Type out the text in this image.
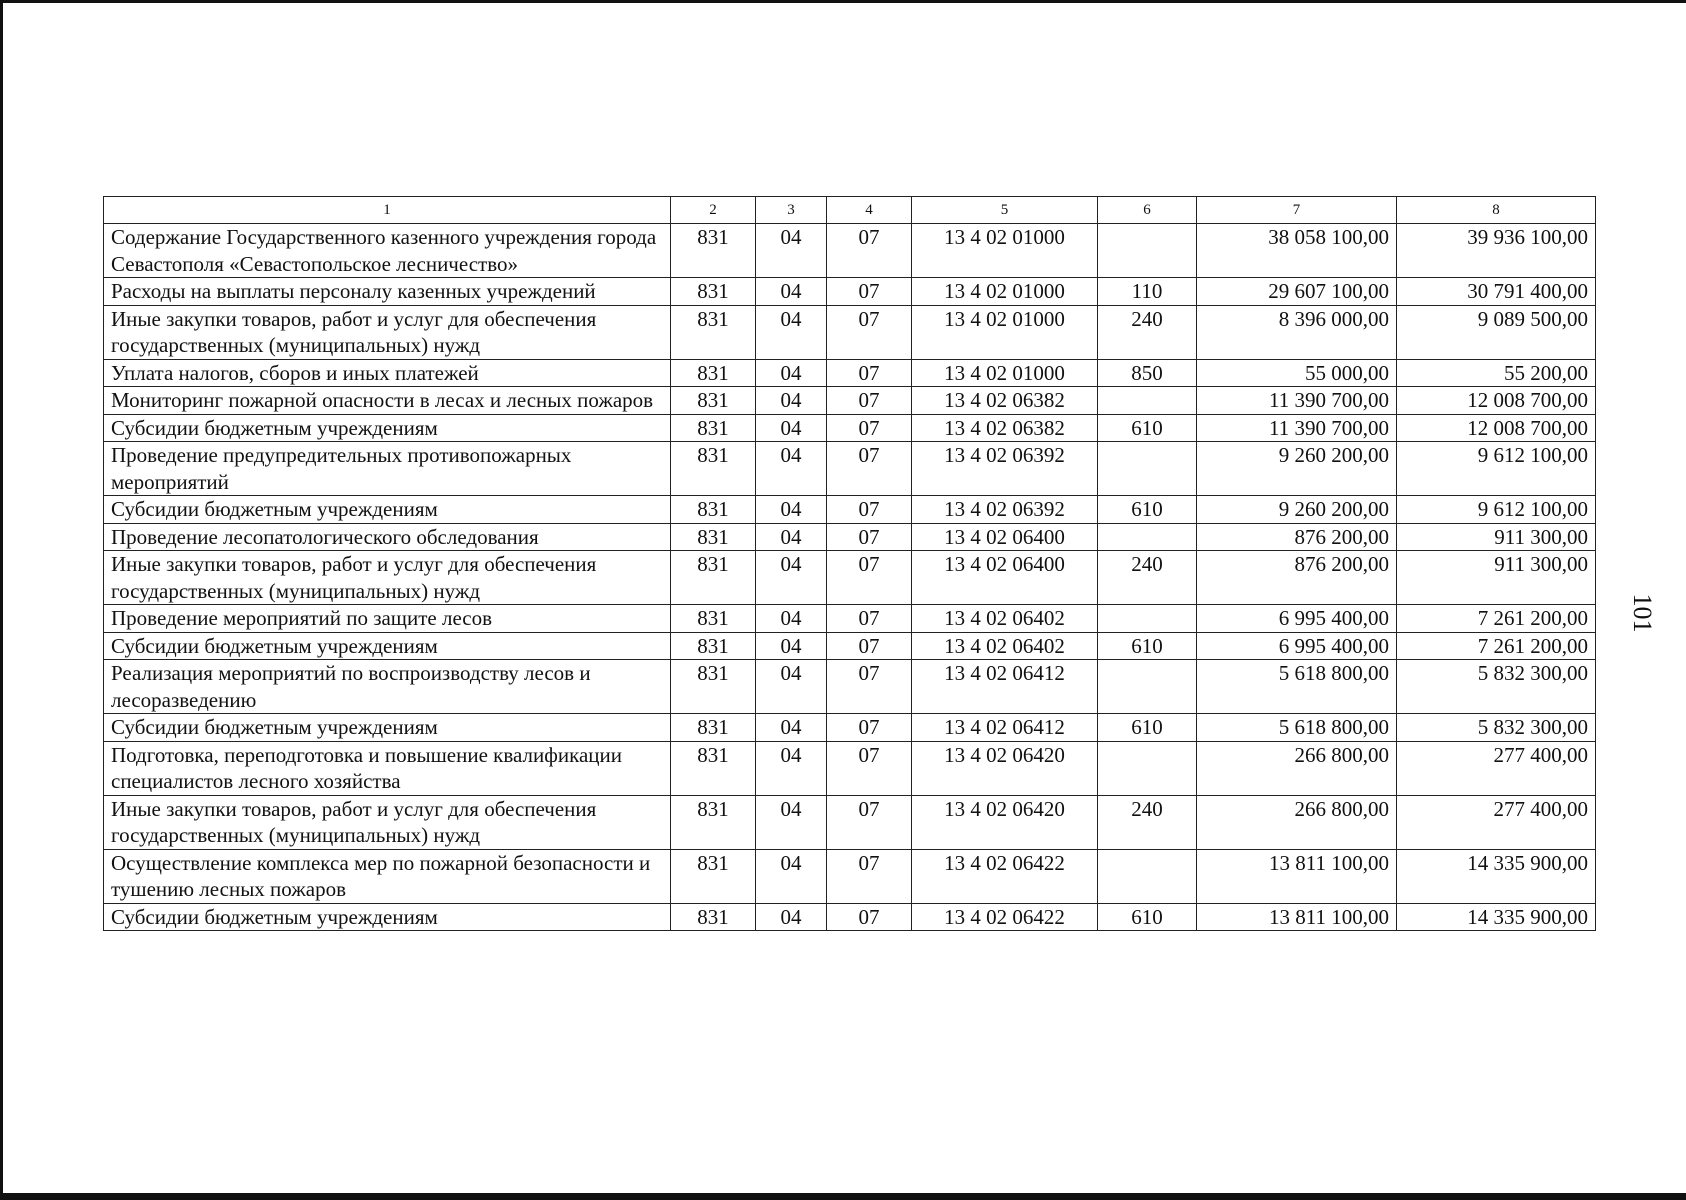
1	2	3	4	5	6	7	8
Содержание Государственного казенного учреждения города Севастополя «Севастопольское лесничество»	831	04	07	13 4 02 01000		38 058 100,00	39 936 100,00
Расходы на выплаты персоналу казенных учреждений	831	04	07	13 4 02 01000	110	29 607 100,00	30 791 400,00
Иные закупки товаров, работ и услуг для обеспечения государственных (муниципальных) нужд	831	04	07	13 4 02 01000	240	8 396 000,00	9 089 500,00
Уплата налогов, сборов и иных платежей	831	04	07	13 4 02 01000	850	55 000,00	55 200,00
Мониторинг пожарной опасности в лесах и лесных пожаров	831	04	07	13 4 02 06382		11 390 700,00	12 008 700,00
Субсидии бюджетным учреждениям	831	04	07	13 4 02 06382	610	11 390 700,00	12 008 700,00
Проведение предупредительных противопожарных мероприятий	831	04	07	13 4 02 06392		9 260 200,00	9 612 100,00
Субсидии бюджетным учреждениям	831	04	07	13 4 02 06392	610	9 260 200,00	9 612 100,00
Проведение лесопатологического обследования	831	04	07	13 4 02 06400		876 200,00	911 300,00
Иные закупки товаров, работ и услуг для обеспечения государственных (муниципальных) нужд	831	04	07	13 4 02 06400	240	876 200,00	911 300,00
Проведение мероприятий по защите лесов	831	04	07	13 4 02 06402		6 995 400,00	7 261 200,00
Субсидии бюджетным учреждениям	831	04	07	13 4 02 06402	610	6 995 400,00	7 261 200,00
Реализация мероприятий по воспроизводству лесов и лесоразведению	831	04	07	13 4 02 06412		5 618 800,00	5 832 300,00
Субсидии бюджетным учреждениям	831	04	07	13 4 02 06412	610	5 618 800,00	5 832 300,00
Подготовка, переподготовка и повышение квалификации специалистов лесного хозяйства	831	04	07	13 4 02 06420		266 800,00	277 400,00
Иные закупки товаров, работ и услуг для обеспечения государственных (муниципальных) нужд	831	04	07	13 4 02 06420	240	266 800,00	277 400,00
Осуществление комплекса мер по пожарной безопасности и тушению лесных пожаров	831	04	07	13 4 02 06422		13 811 100,00	14 335 900,00
Субсидии бюджетным учреждениям	831	04	07	13 4 02 06422	610	13 811 100,00	14 335 900,00
101
